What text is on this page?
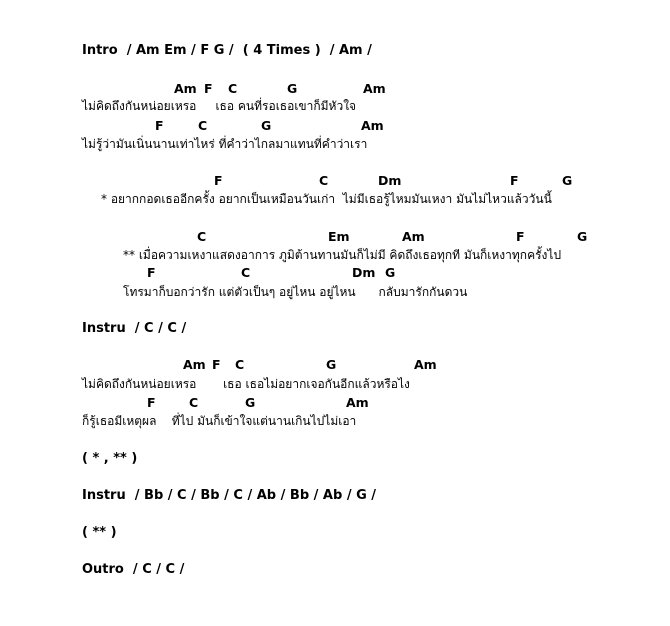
Intro  / Am Em / F G /  ( 4 Times )  / Am /
Am F C	G	Am
ไม่คิดถึงกันหน่อยเหรอ     เธอ คนที่รอเธอเขาก็มีหัวใจ
F	C	G	Am
ไม่รู้ว่ามันเนิ่นนานเท่าไหร่ ที่คำว่าไกลมาแทนที่คำว่าเรา
F	C	Dm	F	G
* อยากกอดเธออีกครั้ง อยากเป็นเหมือนวันเก่า  ไม่มีเธอรู้ไหมมันเหงา มันไม่ไหวแล้ววันนี้
C	Em	Am	F	G
** เมื่อความเหงาแสดงอาการ ภูมิต้านทานมันก็ไม่มี คิดถึงเธอทุกที มันก็เหงาทุกครั้งไป
F	C	Dm G
โทรมาก็บอกว่ารัก แต่ตัวเป็นๆ อยู่ไหน อยู่ไหน      กลับมารักกันดวน
Instru  / C / C /
Am F C	G	Am
ไม่คิดถึงกันหน่อยเหรอ       เธอ เธอไม่อยากเจอกันอีกแล้วหรือไง
F	C	G	Am
ก็รู้เธอมีเหตุผล    ที่ไป มันก็เข้าใจแต่นานเกินไปไม่เอา
( * , ** )
Instru  / Bb / C / Bb / C / Ab / Bb / Ab / G /
( ** )
Outro  / C / C /
